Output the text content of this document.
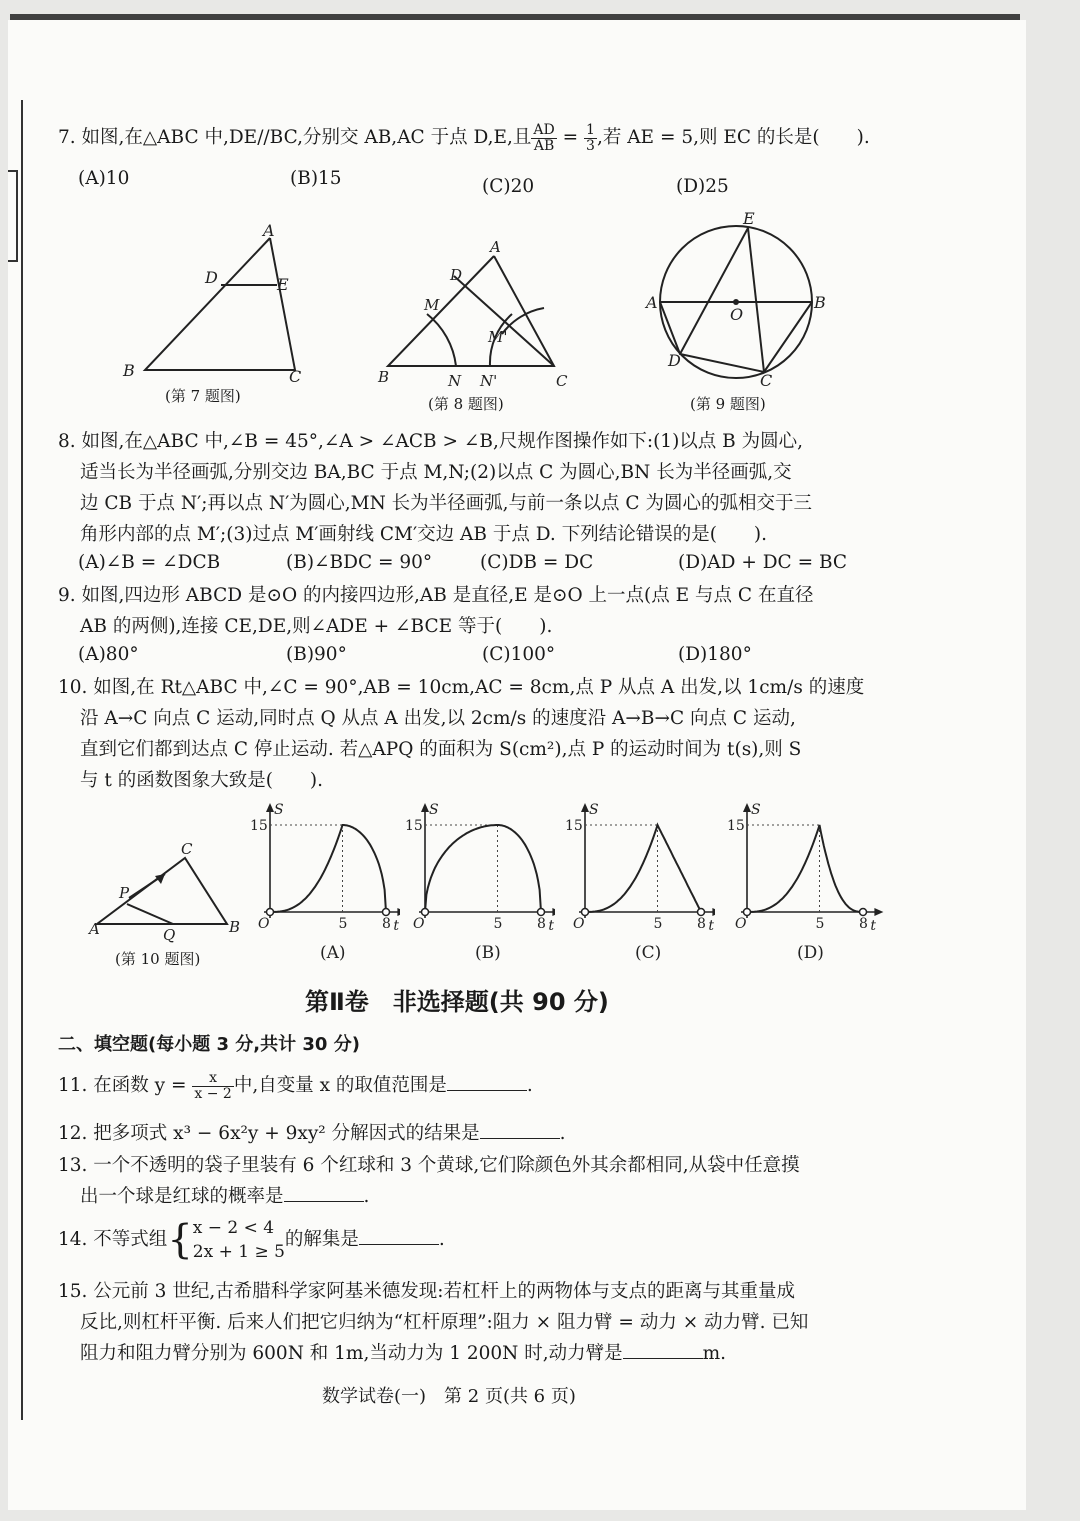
7. 如图,在△ABC 中,DE//BC,分别交 AB,AC 于点 D,E,且 $\frac{AD}{AB} = \frac{1}{3}$ ,若 AE = 5,则 EC 的长是(　　).
(A)10	(B)15	(C)20	(D)25
A
D	E
B	C
(第 7 题图)
A
D
M
M'
B	N N'	C
(第 8 题图)
E
A
O
B
D
C
(第 9 题图)
8. 如图,在△ABC 中,∠B = 45°,∠A > ∠ACB > ∠B,尺规作图操作如下:(1)以点 B 为圆心,
适当长为半径画弧,分别交边 BA,BC 于点 M,N;(2)以点 C 为圆心,BN 长为半径画弧,交
边 CB 于点 N′;再以点 N′为圆心,MN 长为半径画弧,与前一条以点 C 为圆心的弧相交于三
角形内部的点 M′;(3)过点 M′画射线 CM′交边 AB 于点 D. 下列结论错误的是(　　).
(A)∠B = ∠DCB	(B)∠BDC = 90°	(C)DB = DC	(D)AD + DC = BC
9. 如图,四边形 ABCD 是⊙O 的内接四边形,AB 是直径,E 是⊙O 上一点(点 E 与点 C 在直径
AB 的两侧),连接 CE,DE,则∠ADE + ∠BCE 等于(　　).
(A)80°	(B)90°	(C)100°	(D)180°
10. 如图,在 Rt△ABC 中,∠C = 90°,AB = 10cm,AC = 8cm,点 P 从点 A 出发,以 1cm/s 的速度
沿 A→C 向点 C 运动,同时点 Q 从点 A 出发,以 2cm/s 的速度沿 A→B→C 向点 C 运动,
直到它们都到达点 C 停止运动. 若△APQ 的面积为 S(cm²),点 P 的运动时间为 t(s),则 S
与 t 的函数图象大致是(　　).
C
P
A	Q	B
(第 10 题图)
S
t
O
15
5 8
(A)
S
t
O
15
5 8
(B)
S
t
O
15
5 8
(C)
S
t
O
15
5 8
(D)
第Ⅱ卷　非选择题(共 90 分)
二、填空题(每小题 3 分,共计 30 分)
11. 在函数 $y = \frac{x}{x - 2}$ 中,自变量 x 的取值范围是	.
12. 把多项式 x³ − 6x²y + 9xy² 分解因式的结果是	.
13. 一个不透明的袋子里装有 6 个红球和 3 个黄球,它们除颜色外其余都相同,从袋中任意摸
出一个球是红球的概率是	.
14. 不等式组{ x − 2 < 4
2x + 1 ≥ 5
的解集是	.
15. 公元前 3 世纪,古希腊科学家阿基米德发现:若杠杆上的两物体与支点的距离与其重量成
反比,则杠杆平衡. 后来人们把它归纳为“杠杆原理”:阻力 × 阻力臂 = 动力 × 动力臂. 已知
阻力和阻力臂分别为 600N 和 1m,当动力为 1 200N 时,动力臂是	m.
数学试卷(一)　第 2 页(共 6 页)
